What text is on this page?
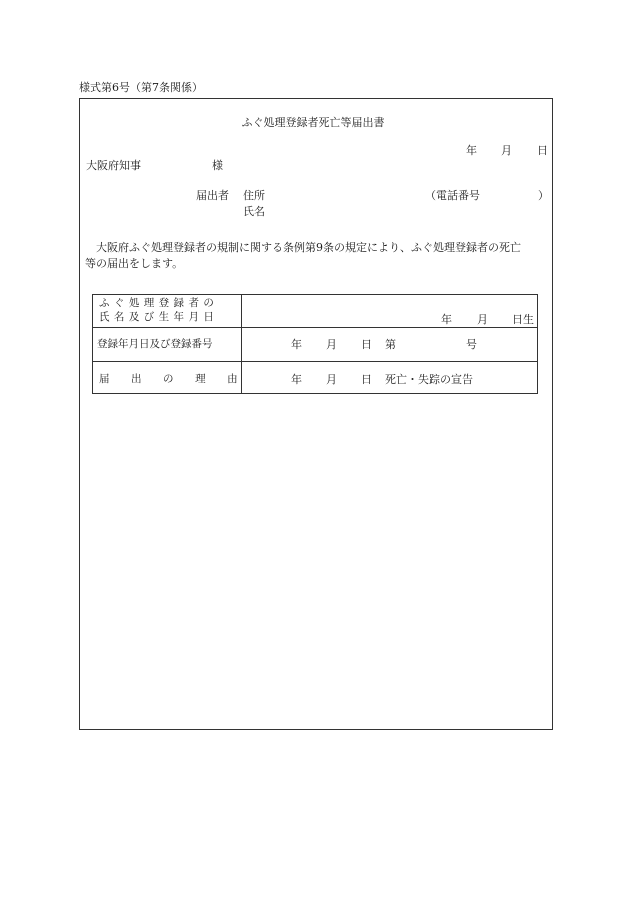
様式第6号（第7条関係）
ふぐ処理登録者死亡等届出書
年 月 日
大阪府知事	様
届出者 住所	（電話番号	）
氏名
大阪府ふぐ処理登録者の規制に関する条例第9条の規定により、ふぐ処理登録者の死亡
等の届出をします。
ふぐ処理登録者の
氏名及び生年月日	年 月 日生
登録年月日及び登録番号	年 月 日 第	号
届出の理由	年 月 日 死亡・失踪の宣告
